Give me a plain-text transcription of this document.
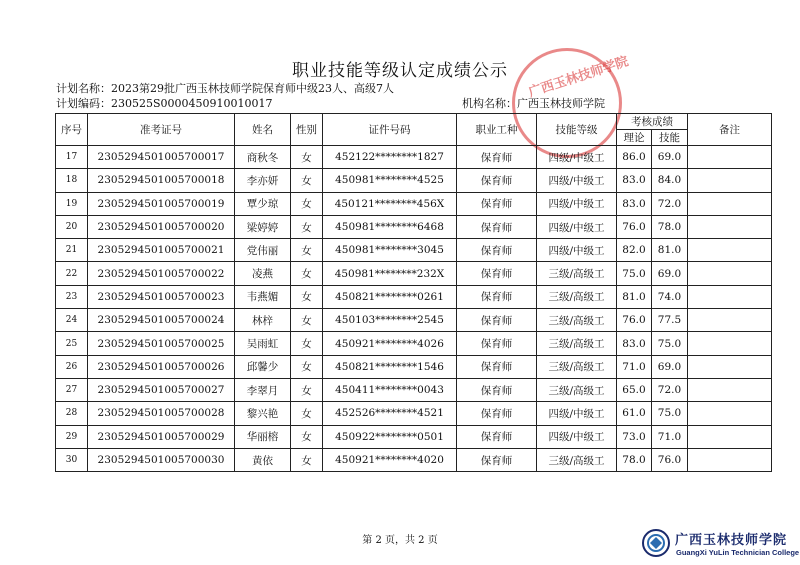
职业技能等级认定成绩公示
计划名称：2023第29批广西玉林技师学院保育师中级23人、高级7人
计划编码：230525S0000450910010017	机构名称：广西玉林技师学院
序号	准考证号	姓名	性别	证件号码	职业工种	技能等级	考核成绩		备注
							理论	技能	
17	2305294501005700017	商秋冬	女	452122********1827	保育师	四级/中级工	86.0	69.0	
18	2305294501005700018	李亦妍	女	450981********4525	保育师	四级/中级工	83.0	84.0	
19	2305294501005700019	覃少琼	女	450121********456X	保育师	四级/中级工	83.0	72.0	
20	2305294501005700020	梁婷婷	女	450981********6468	保育师	四级/中级工	76.0	78.0	
21	2305294501005700021	党伟丽	女	450981********3045	保育师	四级/中级工	82.0	81.0	
22	2305294501005700022	凌燕	女	450981********232X	保育师	三级/高级工	75.0	69.0	
23	2305294501005700023	韦燕媚	女	450821********0261	保育师	三级/高级工	81.0	74.0	
24	2305294501005700024	林梓	女	450103********2545	保育师	三级/高级工	76.0	77.5	
25	2305294501005700025	吴雨虹	女	450921********4026	保育师	三级/高级工	83.0	75.0	
26	2305294501005700026	邱馨少	女	450821********1546	保育师	三级/高级工	71.0	69.0	
27	2305294501005700027	李翠月	女	450411********0043	保育师	三级/高级工	65.0	72.0	
28	2305294501005700028	黎兴艳	女	452526********4521	保育师	四级/中级工	61.0	75.0	
29	2305294501005700029	华丽榕	女	450922********0501	保育师	四级/中级工	73.0	71.0	
30	2305294501005700030	黄依	女	450921********4020	保育师	三级/高级工	78.0	76.0	
广西玉林技师学院
第 2 页，共 2 页	广西玉林技师学院
GuangXi YuLin Technician College
